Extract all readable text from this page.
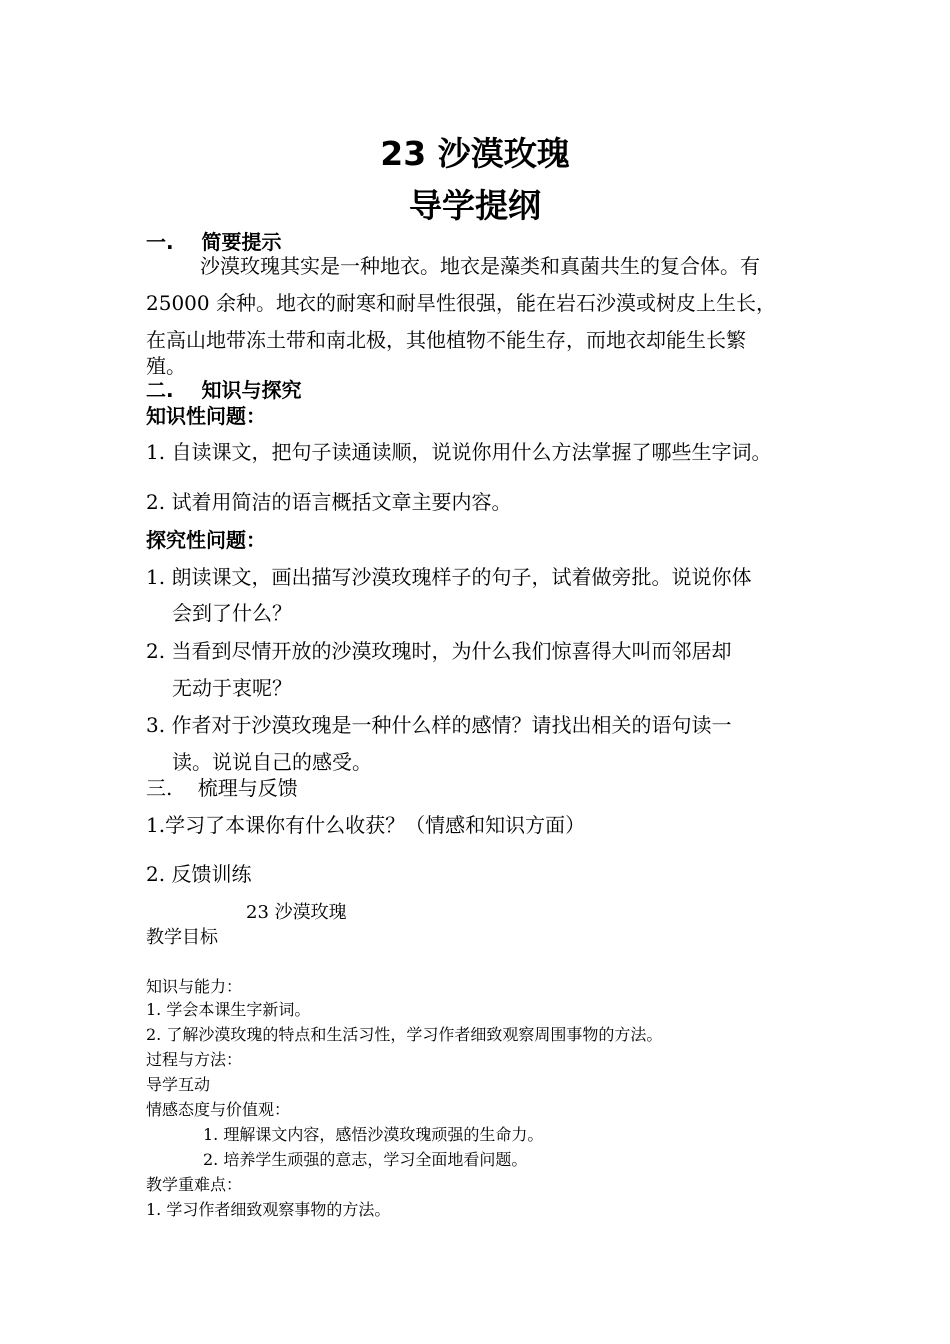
23 沙漠玫瑰
导学提纲
一.    简要提示
沙漠玫瑰其实是一种地衣。地衣是藻类和真菌共生的复合体。有
25000 余种。地衣的耐寒和耐旱性很强，能在岩石沙漠或树皮上生长，
在高山地带冻土带和南北极，其他植物不能生存，而地衣却能生长繁
殖。
二.    知识与探究
知识性问题：
1. 自读课文，把句子读通读顺，说说你用什么方法掌握了哪些生字词。
2. 试着用简洁的语言概括文章主要内容。
探究性问题：
1. 朗读课文，画出描写沙漠玫瑰样子的句子，试着做旁批。说说你体
会到了什么？
2. 当看到尽情开放的沙漠玫瑰时，为什么我们惊喜得大叫而邻居却
无动于衷呢？
3. 作者对于沙漠玫瑰是一种什么样的感情？请找出相关的语句读一
读。说说自己的感受。
三.    梳理与反馈
1.学习了本课你有什么收获？（情感和知识方面）
2. 反馈训练
23 沙漠玫瑰
教学目标
知识与能力：
1. 学会本课生字新词。
2. 了解沙漠玫瑰的特点和生活习性，学习作者细致观察周围事物的方法。
过程与方法：
导学互动
情感态度与价值观：
1. 理解课文内容，感悟沙漠玫瑰顽强的生命力。
2. 培养学生顽强的意志，学习全面地看问题。
教学重难点：
1. 学习作者细致观察事物的方法。
